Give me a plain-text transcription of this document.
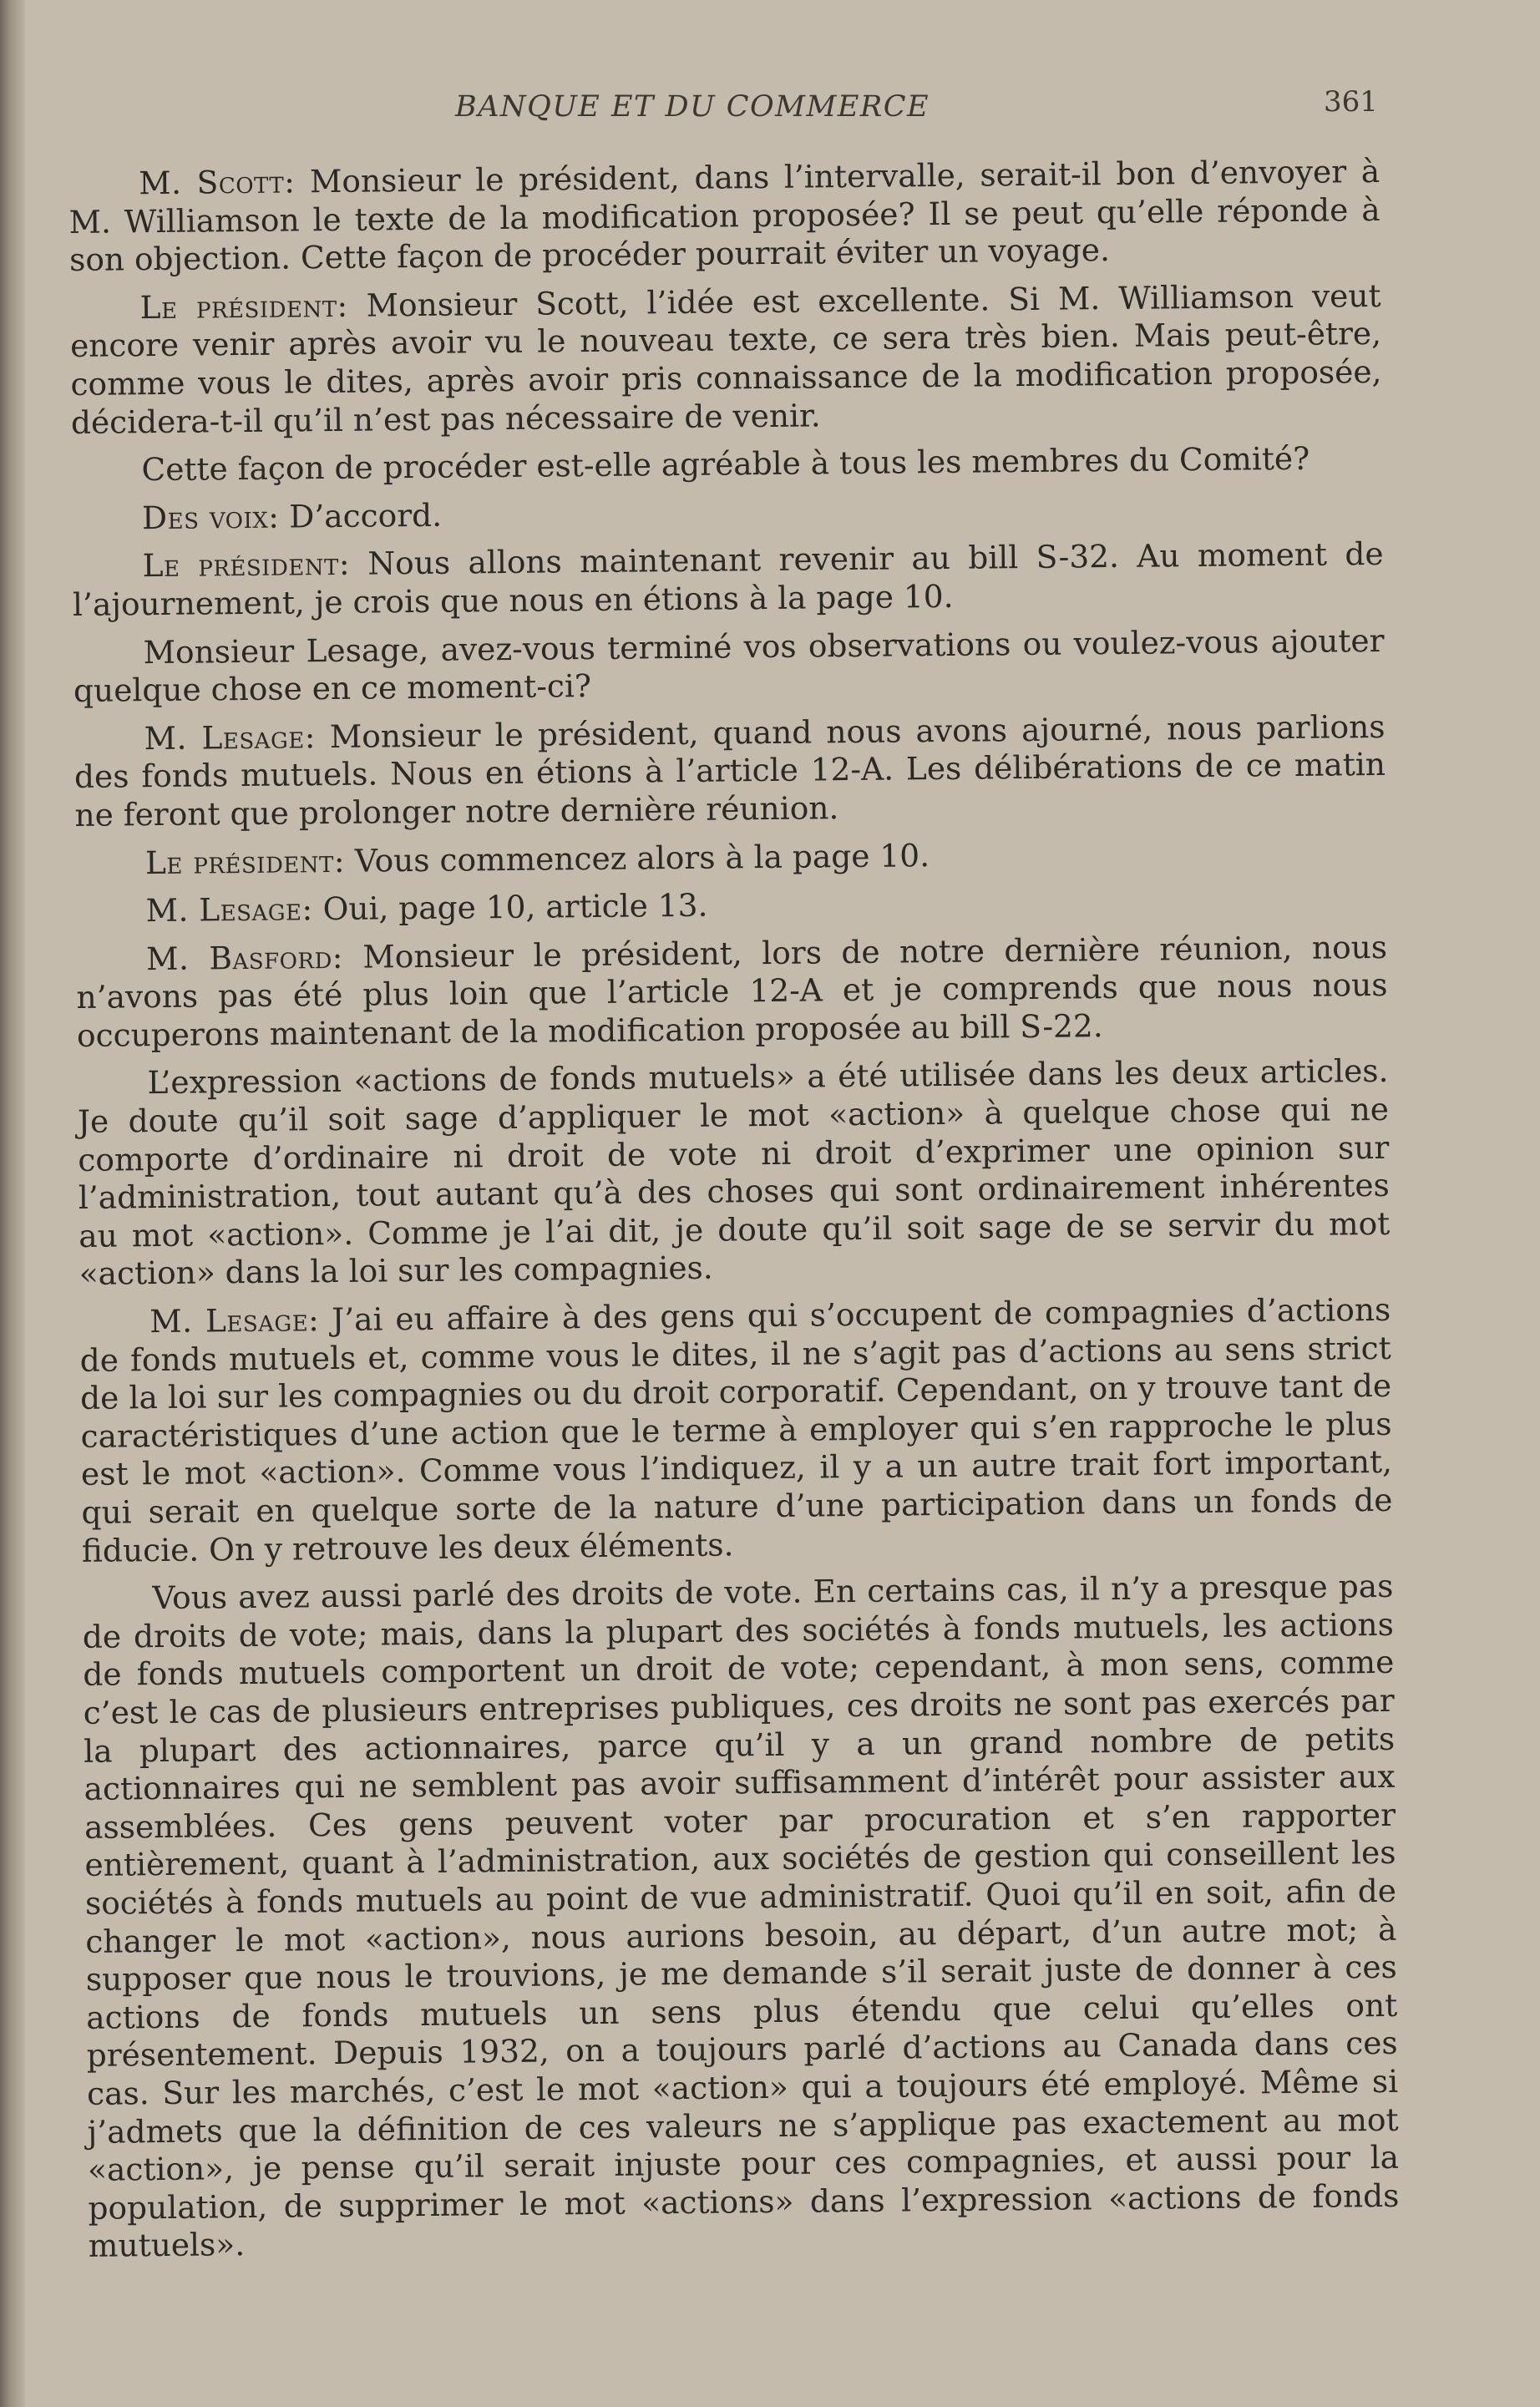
BANQUE ET DU COMMERCE	361

M. Scott: Monsieur le président, dans l’intervalle, serait-il bon d’envoyer à M. Williamson le texte de la modification proposée? Il se peut qu’elle réponde à son objection. Cette façon de procéder pourrait éviter un voyage.

Le président: Monsieur Scott, l’idée est excellente. Si M. Williamson veut encore venir après avoir vu le nouveau texte, ce sera très bien. Mais peut-être, comme vous le dites, après avoir pris connaissance de la modification proposée, décidera-t-il qu’il n’est pas nécessaire de venir.

Cette façon de procéder est-elle agréable à tous les membres du Comité?

Des voix: D’accord.

Le président: Nous allons maintenant revenir au bill S-32. Au moment de l’ajournement, je crois que nous en étions à la page 10.

Monsieur Lesage, avez-vous terminé vos observations ou voulez-vous ajouter quelque chose en ce moment-ci?

M. Lesage: Monsieur le président, quand nous avons ajourné, nous parlions des fonds mutuels. Nous en étions à l’article 12-A. Les délibérations de ce matin ne feront que prolonger notre dernière réunion.

Le président: Vous commencez alors à la page 10.

M. Lesage: Oui, page 10, article 13.

M. Basford: Monsieur le président, lors de notre dernière réunion, nous n’avons pas été plus loin que l’article 12-A et je comprends que nous nous occuperons maintenant de la modification proposée au bill S-22.

L’expression «actions de fonds mutuels» a été utilisée dans les deux articles. Je doute qu’il soit sage d’appliquer le mot «action» à quelque chose qui ne comporte d’ordinaire ni droit de vote ni droit d’exprimer une opinion sur l’administration, tout autant qu’à des choses qui sont ordinairement inhérentes au mot «action». Comme je l’ai dit, je doute qu’il soit sage de se servir du mot «action» dans la loi sur les compagnies.

M. Lesage: J’ai eu affaire à des gens qui s’occupent de compagnies d’actions de fonds mutuels et, comme vous le dites, il ne s’agit pas d’actions au sens strict de la loi sur les compagnies ou du droit corporatif. Cependant, on y trouve tant de caractéristiques d’une action que le terme à employer qui s’en rapproche le plus est le mot «action». Comme vous l’indiquez, il y a un autre trait fort important, qui serait en quelque sorte de la nature d’une participation dans un fonds de fiducie. On y retrouve les deux éléments.

Vous avez aussi parlé des droits de vote. En certains cas, il n’y a presque pas de droits de vote; mais, dans la plupart des sociétés à fonds mutuels, les actions de fonds mutuels comportent un droit de vote; cependant, à mon sens, comme c’est le cas de plusieurs entreprises publiques, ces droits ne sont pas exercés par la plupart des actionnaires, parce qu’il y a un grand nombre de petits actionnaires qui ne semblent pas avoir suffisamment d’intérêt pour assister aux assemblées. Ces gens peuvent voter par procuration et s’en rapporter entièrement, quant à l’administration, aux sociétés de gestion qui conseillent les sociétés à fonds mutuels au point de vue administratif. Quoi qu’il en soit, afin de changer le mot «action», nous aurions besoin, au départ, d’un autre mot; à supposer que nous le trouvions, je me demande s’il serait juste de donner à ces actions de fonds mutuels un sens plus étendu que celui qu’elles ont présentement. Depuis 1932, on a toujours parlé d’actions au Canada dans ces cas. Sur les marchés, c’est le mot «action» qui a toujours été employé. Même si j’admets que la définition de ces valeurs ne s’applique pas exactement au mot «action», je pense qu’il serait injuste pour ces compagnies, et aussi pour la population, de supprimer le mot «actions» dans l’expression «actions de fonds mutuels».
